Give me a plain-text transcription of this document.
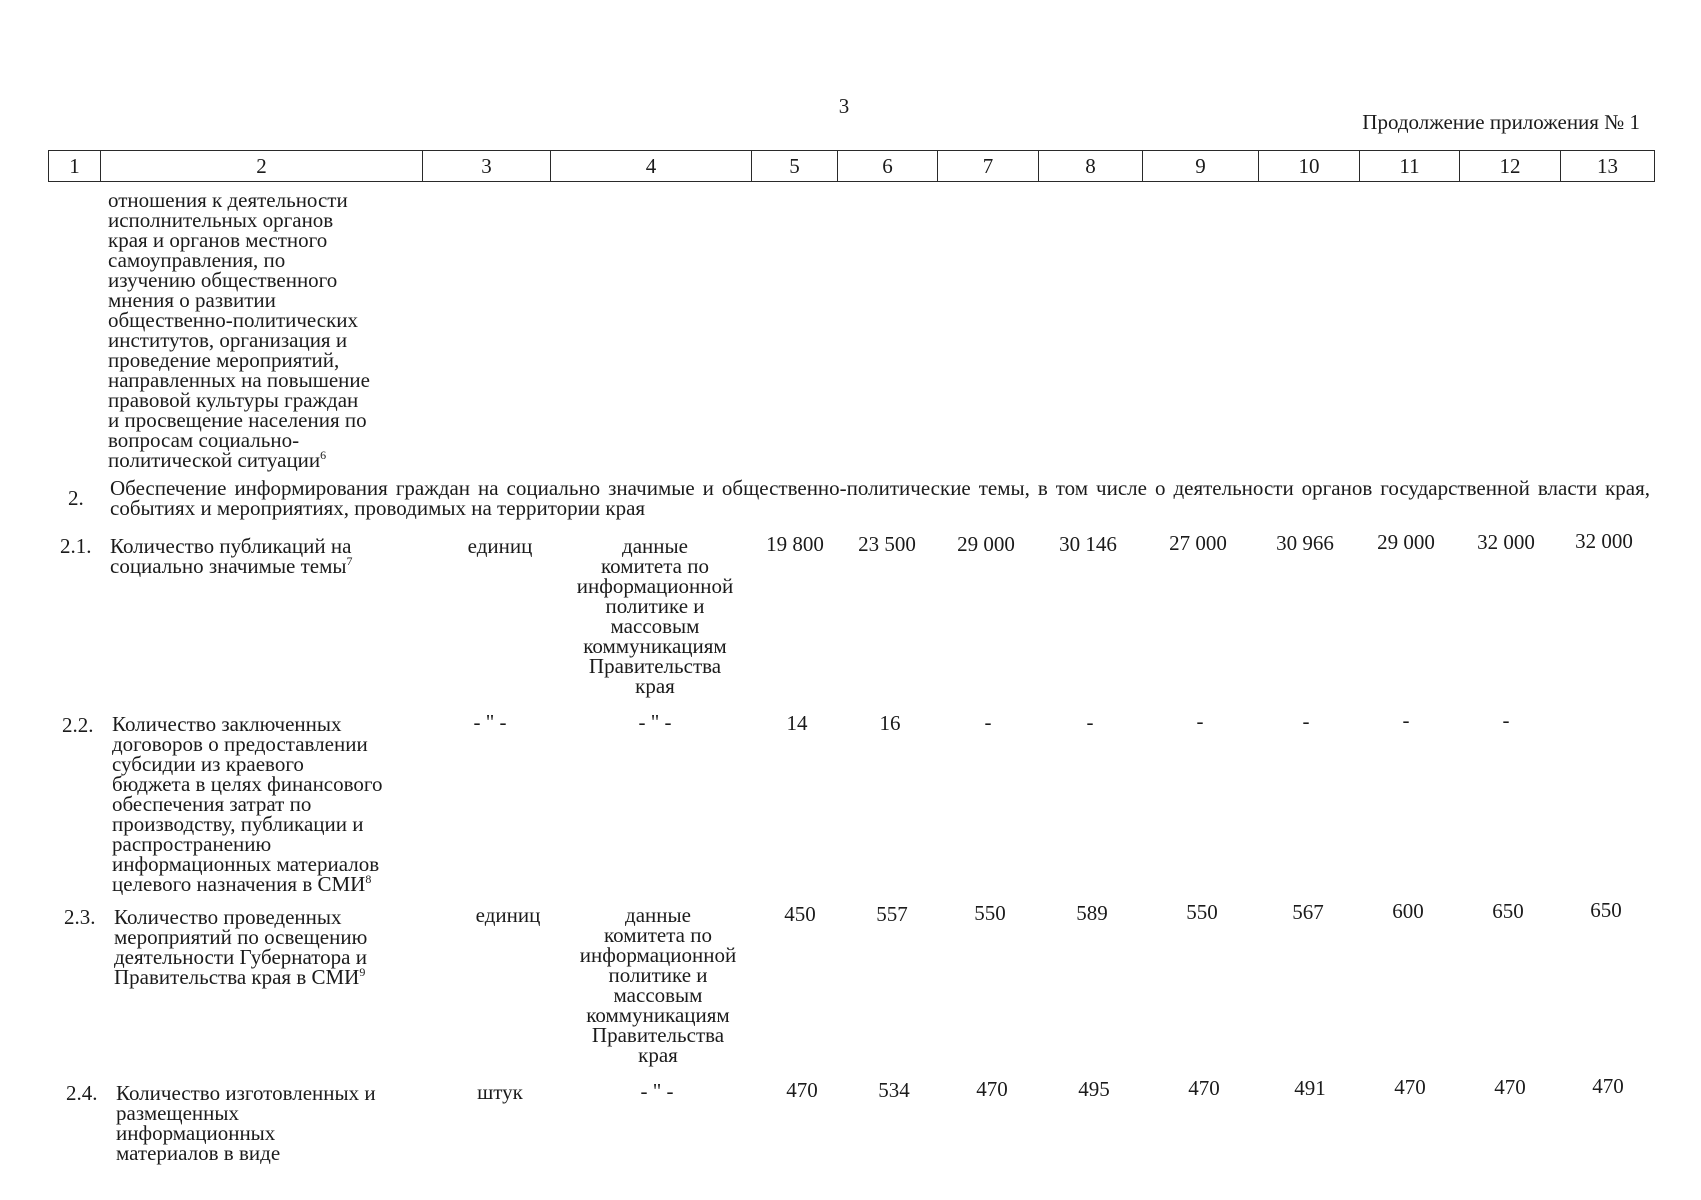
3
Продолжение приложения № 1
1	2	3	4	5	6	7	8	9	10	11	12	13
отношения к деятельности
исполнительных органов
края и органов местного
самоуправления, по
изучению общественного
мнения о развитии
общественно-политических
институтов, организация и
проведение мероприятий,
направленных на повышение
правовой культуры граждан
и просвещение населения по
вопросам социально-
политической ситуации$^6$
2. Обеспечение информирования граждан на социально значимые и общественно-политические темы, в том числе о деятельности органов государственной власти края, событиях и мероприятиях, проводимых на территории края
2.1. Количество публикаций на
социально значимые темы$^7$
единиц	данные
комитета по
информационной
политике и
массовым
коммуникациям
Правительства
края
19 800	23 500	29 000	30 146	27 000	30 966	29 000	32 000	32 000
2.2. Количество заключенных
договоров о предоставлении
субсидии из краевого
бюджета в целях финансового
обеспечения затрат по
производству, публикации и
распространению
информационных материалов
целевого назначения в СМИ$^8$
- " -	- " -	14	16	-	-	-	-	-	-
2.3. Количество проведенных
мероприятий по освещению
деятельности Губернатора и
Правительства края в СМИ$^9$
единиц	данные
комитета по
информационной
политике и
массовым
коммуникациям
Правительства
края
450	557	550	589	550	567	600	650	650
2.4. Количество изготовленных и
размещенных
информационных
материалов в виде
штук	- " -	470	534	470	495	470	491	470	470	470
